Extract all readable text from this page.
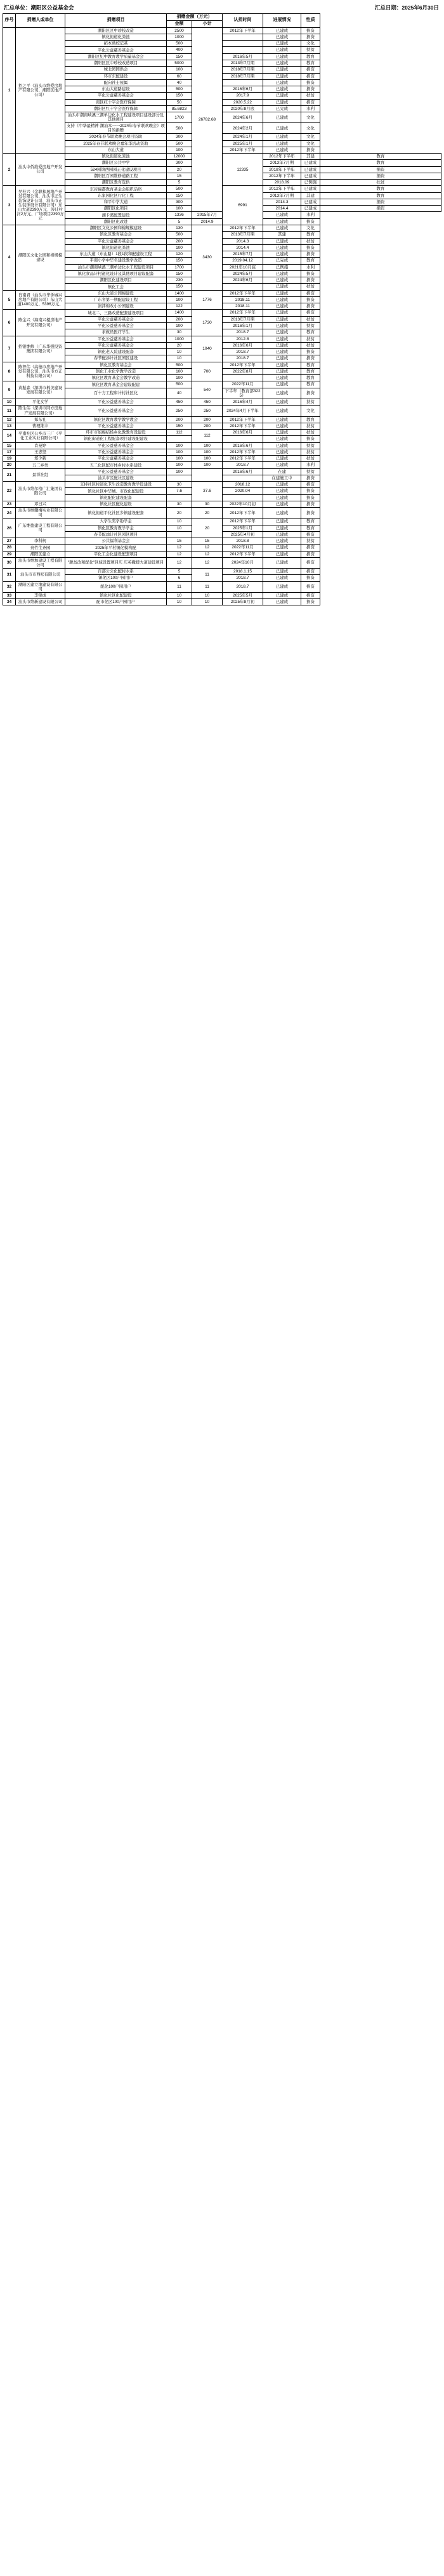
汇总单位：潮阳区公益基金会	汇总日期：2025年6月30日
序号	捐赠人或单位	捐赠项目	捐赠金额（万元）		认捐时间	进展情况	性质	
			金额	小计				
1	招之平（汕头市维爱房地产有限公司、潮阳区地产公司）	潮阳区区中珍校改造	2500	26782.68	2012年下半年	已建成	捐资	
		镇化街道化粪池	1000			已建成	捐资	
		拓本熟校记基	500			已建成	文化	
		平化公益慈善基金会	400			已建成	扶贫	
		潮阳区纪中教育教学质量基金会	150		2016年5月	已建成	教育	
		潮阳区区中珍校改造项目	5000		2013年7月期	已建成	教育	
		城北园园供会	100		2018年7月期	已建成	捐资	
		环市东配建设	60		2018年7月期	已建成	捐资	
		配向社士屋属	40			已建成	捐资	
		东山大道路建设	500		2016年6月	已建成	捐资	
		平化公益慈善基金会	150		2017.9	已建成	扶贫	
		南区红十字会医疗保障	50		2020.5.22	已建成	捐资	
		潮阳区红十字会医疗保障	85.6823		2020年8月底	已完成	水利	
		汕头市潮南峡溪三潮单边化水工程建设项目建设部分及其他项目	1700		2024年6月	已建成	文化	
		支持《中华最精神·潮汕本一一2024年春节联欢晚会》项目的捐赠	500		2024年2月	已建成	文化	
		2024年春节联欢晚会项目资助	300		2024年1月	已建成	文化	
		2025年春节联欢晚会嘉年华活动资助	500		2025年1月	已建成	文化	
		东山大道	100		2012年下半年	已建成	捐资	
2	汕头中侨维爱房地产开发公司	镇化街道化粪池	12000		12335	2012年下半年	其建	教育
		潮阳区公共中学	300			2013年7月期	已建成	教育
		524园镇西园园正化建设项目	20			2018年下半年	已建成	捐资
		潮阳区百园维修道路工程	15			2012年下半年	已建成	捐资
		潮阳区教育选供	5			2018.09	已例施	扶贫
3	吴桂兴（金职和晟地产开发有限公司、汕头市正生装饰设计公司、汕头市正生装饰设计有限公司）东山大道2390万元、涉计村河2万元、广场项目2390万元	东岩福都教育基金会组织活络	500		6991	2012年下半年	已建成	教育
		东家园化区行化工程	150			2013年7月期	其建	教育
		和平中学大道	300			2014.3	已建成	捐资
		潮阳区化项目	100			2014.4	已建成	捐资
		湖卡溪配置建设	1336	2015年7月		已建成	水利	
		潮阳区化改进	5	2014.9		已建成	捐资	
4	潮阳区文化公园和棉规模建设	潮阳区文化公园和棉规模建设	130	3430	2012年下半年	已建成	文化	
		镇化区教育基金会	500		2013年7月期	其建	教育	
		平化公益慈善基金会	200		2014.3	已建成	扶贫	
		镇化街道化粪池	100		2014.4	已建成	捐资	
		东山大道（东山路）1段1段和配建设工程	120		2015年7月	已建成	捐资	
		平南小学中华名建设教学改造	150		2019.04.12	已完成	教育	
		汕头市潮南峡溪三潮单边化水工程建设项目	1700		2021年10月底	已例施	水利	
		镇化食品计村道化设计及其他项目建设配套	150		2024年5月	已建成	捐资	
		潮阳区化建设项目	230		2024年6月	已建成	捐资	
		镇化工会	150			已建成	扶贫	
5	肖南君（汕头市华侨城兴房地产有限公司）东山大道1400万元、5396万元、	东山大道公园棉建设	1400	1776	2012年下半年	已建成	捐资	
		广东省第一期配建设工程	100		2018.11	已建成	捐资	
		润津棉改小公园建设	122		2018.11	已建成	捐资	
6	陈金兴（海南兴楼房地产开发有限公司）	城北二、三路改造配套建设项目	1400	1730	2012年下半年	已建成	捐资	
		平化公益慈善基金会	200		2013年7月期	已建成	扶贫	
		平化公益慈善基金会	100		2016年1月	已建成	扶贫	
		求救员医疗学生	30		2018.7	已建成	教育	
7	招银维修（广东华强投资集团有限公司）	平化公益慈善基金会	1000	1040	2012.8	已建成	扶贫	
		平化公益慈善基金会	20		2016年6月	已建成	扶贫	
		镇化老人院建设配套	10		2018.7	已建成	捐资	
		春节配添计社区园区建设	10		2018.7	已建成	捐资	
8	陈智伟（高德市房地产开发有限公司、汕头市方正科技有限公司）	镇化区教育基金会	500	700	2012年下半年	已建成	教育	
		镇化工业化学教学改造	100		2022年8月	已建成	教育	
		镇化区教育基金会教学改造	100			已建成	教育	
9	黄振森（深圳市棉美建设发展有限公司）	镇化区教育基金会建设配建	500	540	2022年11月	已建成	教育	
		百十方工程和计村社区化	40		下半年（教育部3225）	已建成	捐资	
10	平化女学	平化公益慈善基金会	450	450	2016年4月	已建成	扶贫	
11	陈生伟（深圳市同方房地产发展有限公司）	平化公益慈善基金会	250	250	2024年4月下半年	已建成	文化	
12	郑东礼	镇化区教育教学教学教会	200	200	2012年下半年	已建成	教育	
13	曹理维丰	平化公益慈善基金会	150	200	2012年下半年	已建成	扶贫	
14	平南社区公乡市三厂（平化工业实业有限公司）	环市市姐棉结杨乡化教教育设建设	112	112	2016年6月	已建成	扶贫	
		镇化街道化工程配套项目建设配建设				已建成	捐资	
15	肖曼婷	平化公益慈善基金会	100	100	2016年6月	已建成	扶贫	
17	王忠坚	平化公益慈善基金会	100	100	2012年下半年	已建成	扶贫	
19	郑少新	平化公益慈善基金会	100	100	2012年下半年	已建成	扶贫	
20	五二乡类	五二化区配市体乡村水系建设	100	100	2018.7	已建成	水利	
21	景祥社组	平化公益慈善基金会	100		2016年6月	在建	扶贫	
		汕头市区配社区建设				在建施工中	捐资	
22	汕头市维尔格广汇集团有限公司	支持社区村道化卫生改造教育教学设建设	30	37.6	2018.12	已建成	捐资	
		镇化社区中华城、市政化配建设	7.6		2020.04	已建成	捐资	
		镇化配化建设配套				已建成	捐资	
23	邓日兴	镇化社区配化建设	30	30	2022年10月初	已建成	捐资	
24	汕头市维爾梅实业有限公司	镇化街道平化社区乡镇建设配套	20	20	2012年下半年	已建成	捐资	
26	广东维德建设工程有限公司	大学生奖学助学金	10	20	2012年下半年	已建成	教育	
		镇化区教育教学学金	10		2025年1月	已建成	教育	
		春节配添计社区园区项目			2025年4月初	已建成	捐资	
27	李科柯	公共福利基金会	15	15	2018.8	已建成	扶贫	
28	贵竹生齐园	2025年平村镇化模构配	12	12	2022年11月	已建成	捐资	
29	潮阳区建立	平化工会化建设配套项目	12	12	2012年下半年	已建成	捐资	
30	汕头市维加建设工程有限公司	"脱贫改和配化"区域设置项目庆 庆英撤援大道建设项目	12	12	2024年10月	已建成	捐资	
31	汕头市市西松有限公司	百部公公化配村水系	5	11	2018.1.15	已建成	捐资	
		镇化区100户园用户	6		2018.7	已建成	捐资	
32	潮阳区建立地建设有限公司	配化100户园用户	11	11	2018.7	已建成	捐资	
33	李锦成	镇化社区化配建设	10	10	2025年5月	已建成	捐资	
34	汕头市维新建设有限公司	配市化区100户园用户	10	10	2025年8月初	已建成	捐资	
